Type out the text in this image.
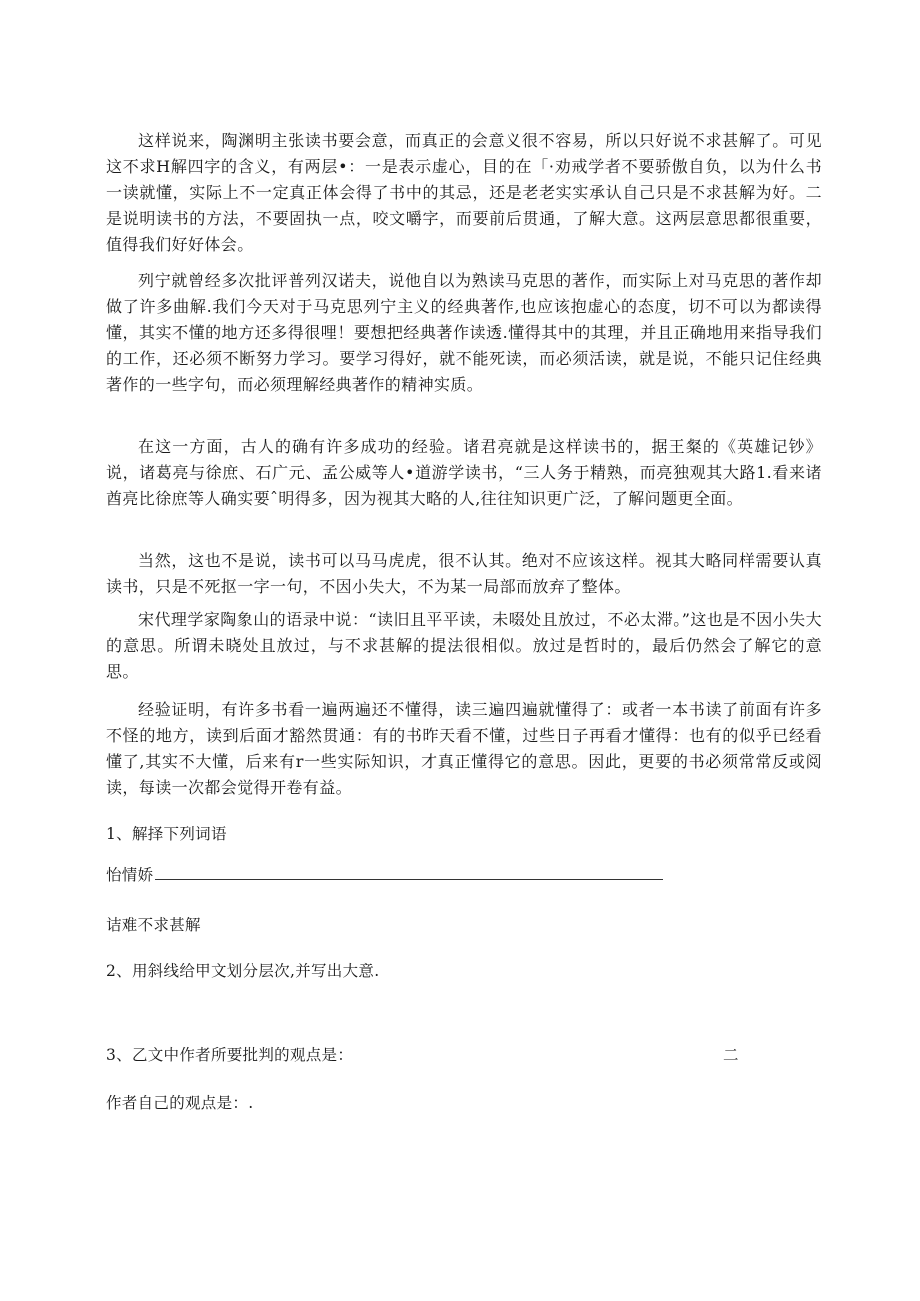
这样说来，陶渊明主张读书要会意，而真正的会意义很不容易，所以只好说不求甚解了。可见这不求H解四字的含义，有两层•：一是表示虚心，目的在「·劝戒学者不要骄傲自负，以为什么书一读就懂，实际上不一定真正体会得了书中的其忌，还是老老实实承认自己只是不求甚解为好。二是说明读书的方法，不要固执一点，咬文嚼字，而要前后贯通，了解大意。这两层意思都很重要，值得我们好好体会。

列宁就曾经多次批评普列汉诺夫，说他自以为熟读马克思的著作，而实际上对马克思的著作却做了许多曲解.我们今天对于马克思列宁主义的经典著作,也应该抱虚心的态度，切不可以为都读得懂，其实不懂的地方还多得很哩！要想把经典著作读透.懂得其中的其理，并且正确地用来指导我们的工作，还必须不断努力学习。要学习得好，就不能死读，而必须活读，就是说，不能只记住经典著作的一些字句，而必须理解经典著作的精神实质。

在这一方面，古人的确有许多成功的经验。诸君亮就是这样读书的，据王粲的《英雄记钞》说，诸葛亮与徐庶、石广元、孟公威等人•道游学读书，“三人务于精熟，而亮独观其大路1.看来诸酋亮比徐庶等人确实要ˆ明得多，因为视其大略的人,往往知识更广泛，了解问题更全面。

当然，这也不是说，读书可以马马虎虎，很不认其。绝对不应该这样。视其大略同样需要认真读书，只是不死抠一字一句，不因小失大，不为某一局部而放弃了整体。

宋代理学家陶象山的语录中说：“读旧且平平读，未啜处且放过，不必太滞。”这也是不因小失大的意思。所谓未晓处且放过，与不求甚解的提法很相似。放过是哲时的，最后仍然会了解它的意思。

经验证明，有许多书看一遍两遍还不懂得，读三遍四遍就懂得了：或者一本书读了前面有许多不怪的地方，读到后面才豁然贯通：有的书昨天看不懂，过些日子再看才懂得：也有的似乎已经看懂了,其实不大懂，后来有r一些实际知识，才真正懂得它的意思。因此，更要的书必须常常反或阅读，每读一次都会觉得开卷有益。

1、解择下列词语

怡情娇

诘难不求甚解

2、用斜线给甲文划分层次,并写出大意.

3、乙文中作者所要批判的观点是：	二

作者自己的观点是：.
